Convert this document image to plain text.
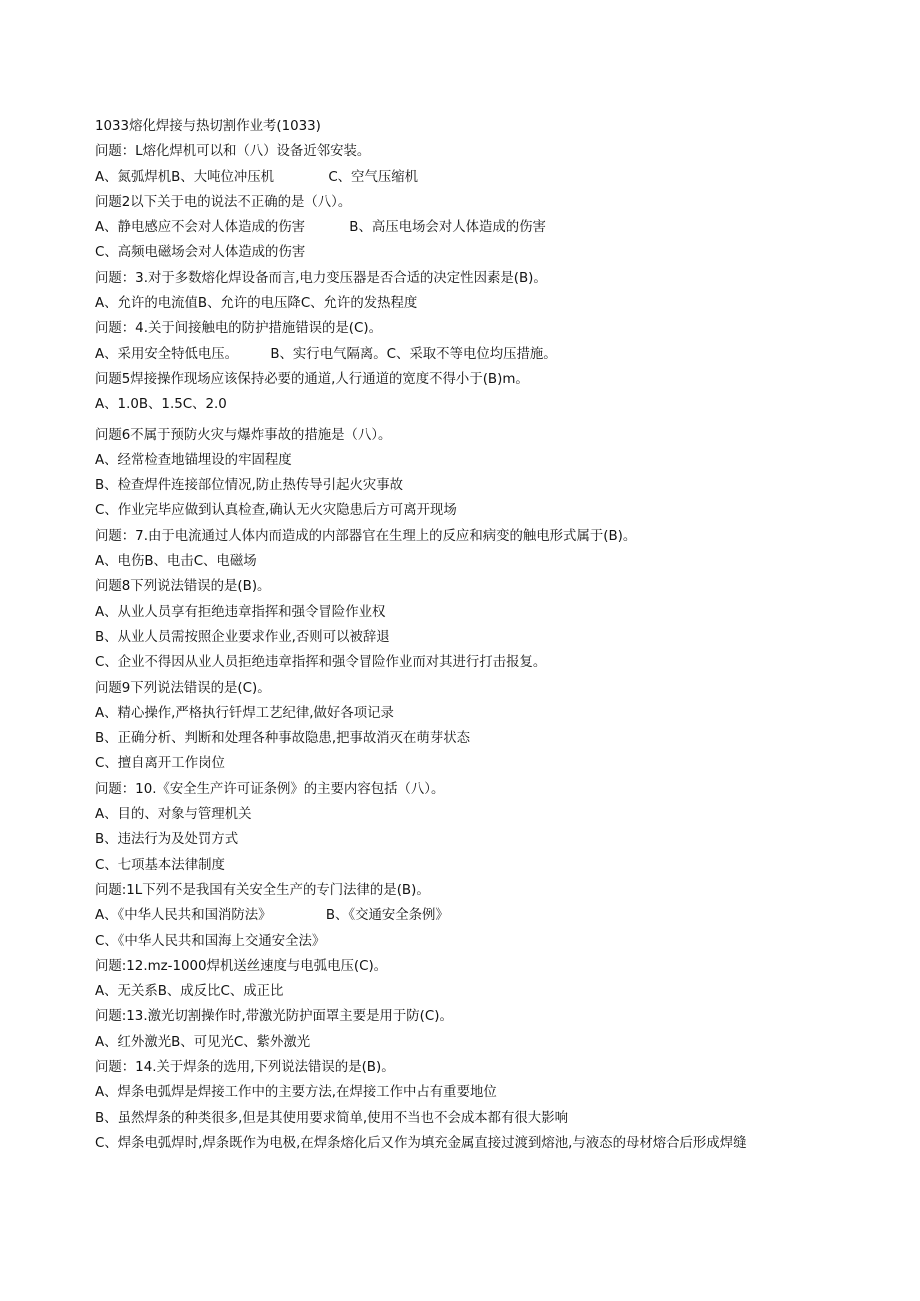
1033熔化焊接与热切割作业考(1033)
问题：L熔化焊机可以和（八）设备近邻安装。
A、氮弧焊机B、大吨位冲压机	C、空气压缩机
问题2以下关于电的说法不正确的是（八）。
A、静电感应不会对人体造成的伤害	B、高压电场会对人体造成的伤害
C、高频电磁场会对人体造成的伤害
问题：3.对于多数熔化焊设备而言,电力变压器是否合适的决定性因素是(B)。
A、允许的电流值B、允许的电压降C、允许的发热程度
问题：4.关于间接触电的防护措施错误的是(C)。
A、采用安全特低电压。 B、实行电气隔离。C、采取不等电位均压措施。
问题5焊接操作现场应该保持必要的通道,人行通道的宽度不得小于(B)m。
A、1.0B、1.5C、2.0
问题6不属于预防火灾与爆炸事故的措施是（八）。
A、经常检查地锚埋设的牢固程度
B、检查焊件连接部位情况,防止热传导引起火灾事故
C、作业完毕应做到认真检查,确认无火灾隐患后方可离开现场
问题：7.由于电流通过人体内而造成的内部器官在生理上的反应和病变的触电形式属于(B)。
A、电伤B、电击C、电磁场
问题8下列说法错误的是(B)。
A、从业人员享有拒绝违章指挥和强令冒险作业权
B、从业人员需按照企业要求作业,否则可以被辞退
C、企业不得因从业人员拒绝违章指挥和强令冒险作业而对其进行打击报复。
问题9下列说法错误的是(C)。
A、精心操作,严格执行钎焊工艺纪律,做好各项记录
B、正确分析、判断和处理各种事故隐患,把事故消灭在萌芽状态
C、擅自离开工作岗位
问题：10.《安全生产许可证条例》的主要内容包括（八）。
A、目的、对象与管理机关
B、违法行为及处罚方式
C、七项基本法律制度
问题:1L下列不是我国有关安全生产的专门法律的是(B)。
A、《中华人民共和国消防法》	B、《交通安全条例》
C、《中华人民共和国海上交通安全法》
问题:12.mz-1000焊机送丝速度与电弧电压(C)。
A、无关系B、成反比C、成正比
问题:13.激光切割操作时,带激光防护面罩主要是用于防(C)。
A、红外激光B、可见光C、紫外激光
问题：14.关于焊条的选用,下列说法错误的是(B)。
A、焊条电弧焊是焊接工作中的主要方法,在焊接工作中占有重要地位
B、虽然焊条的种类很多,但是其使用要求简单,使用不当也不会成本都有很大影响
C、焊条电弧焊时,焊条既作为电极,在焊条熔化后又作为填充金属直接过渡到熔池,与液态的母材熔合后形成焊缝
